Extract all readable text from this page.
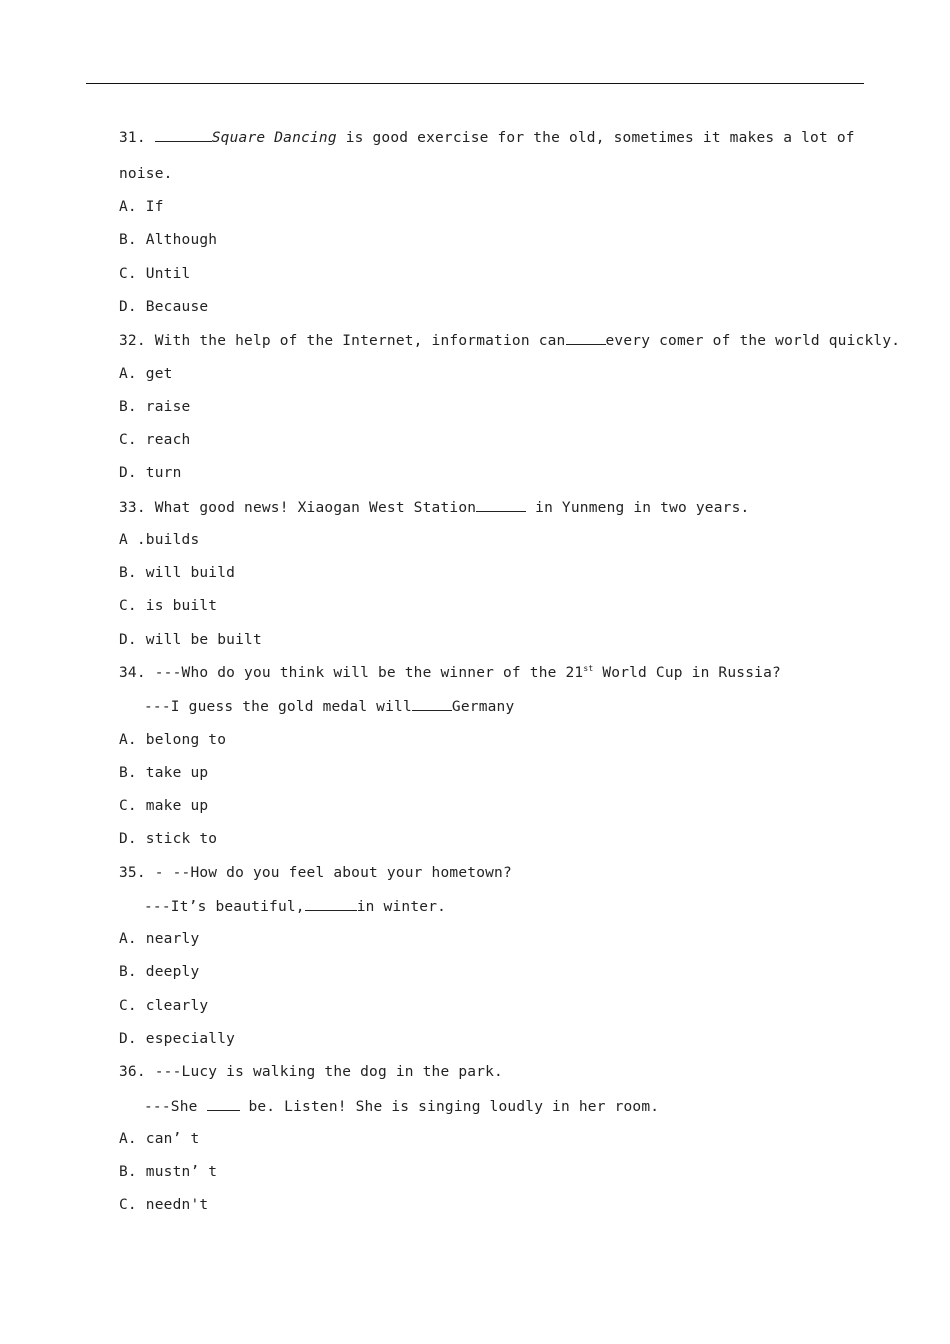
31.	Square Dancing is good exercise for the old, sometimes it makes a lot of
noise.
A. If
B. Although
C. Until
D. Because
32. With the help of the Internet, information can	every comer of the world quickly.
A. get
B. raise
C. reach
D. turn
33. What good news! Xiaogan West Station	in Yunmeng in two years.
A .builds
B. will build
C. is built
D. will be built
34. ---Who do you think will be the winner of the 21st World Cup in Russia?
---I guess the gold medal will	Germany
A. belong to
B. take up
C. make up
D. stick to
35. - --How do you feel about your hometown?
---It’s beautiful,	in winter.
A. nearly
B. deeply
C. clearly
D. especially
36. ---Lucy is walking the dog in the park.
---She  be. Listen! She is singing loudly in her room.
A. can’ t
B. mustn’ t
C. needn't
